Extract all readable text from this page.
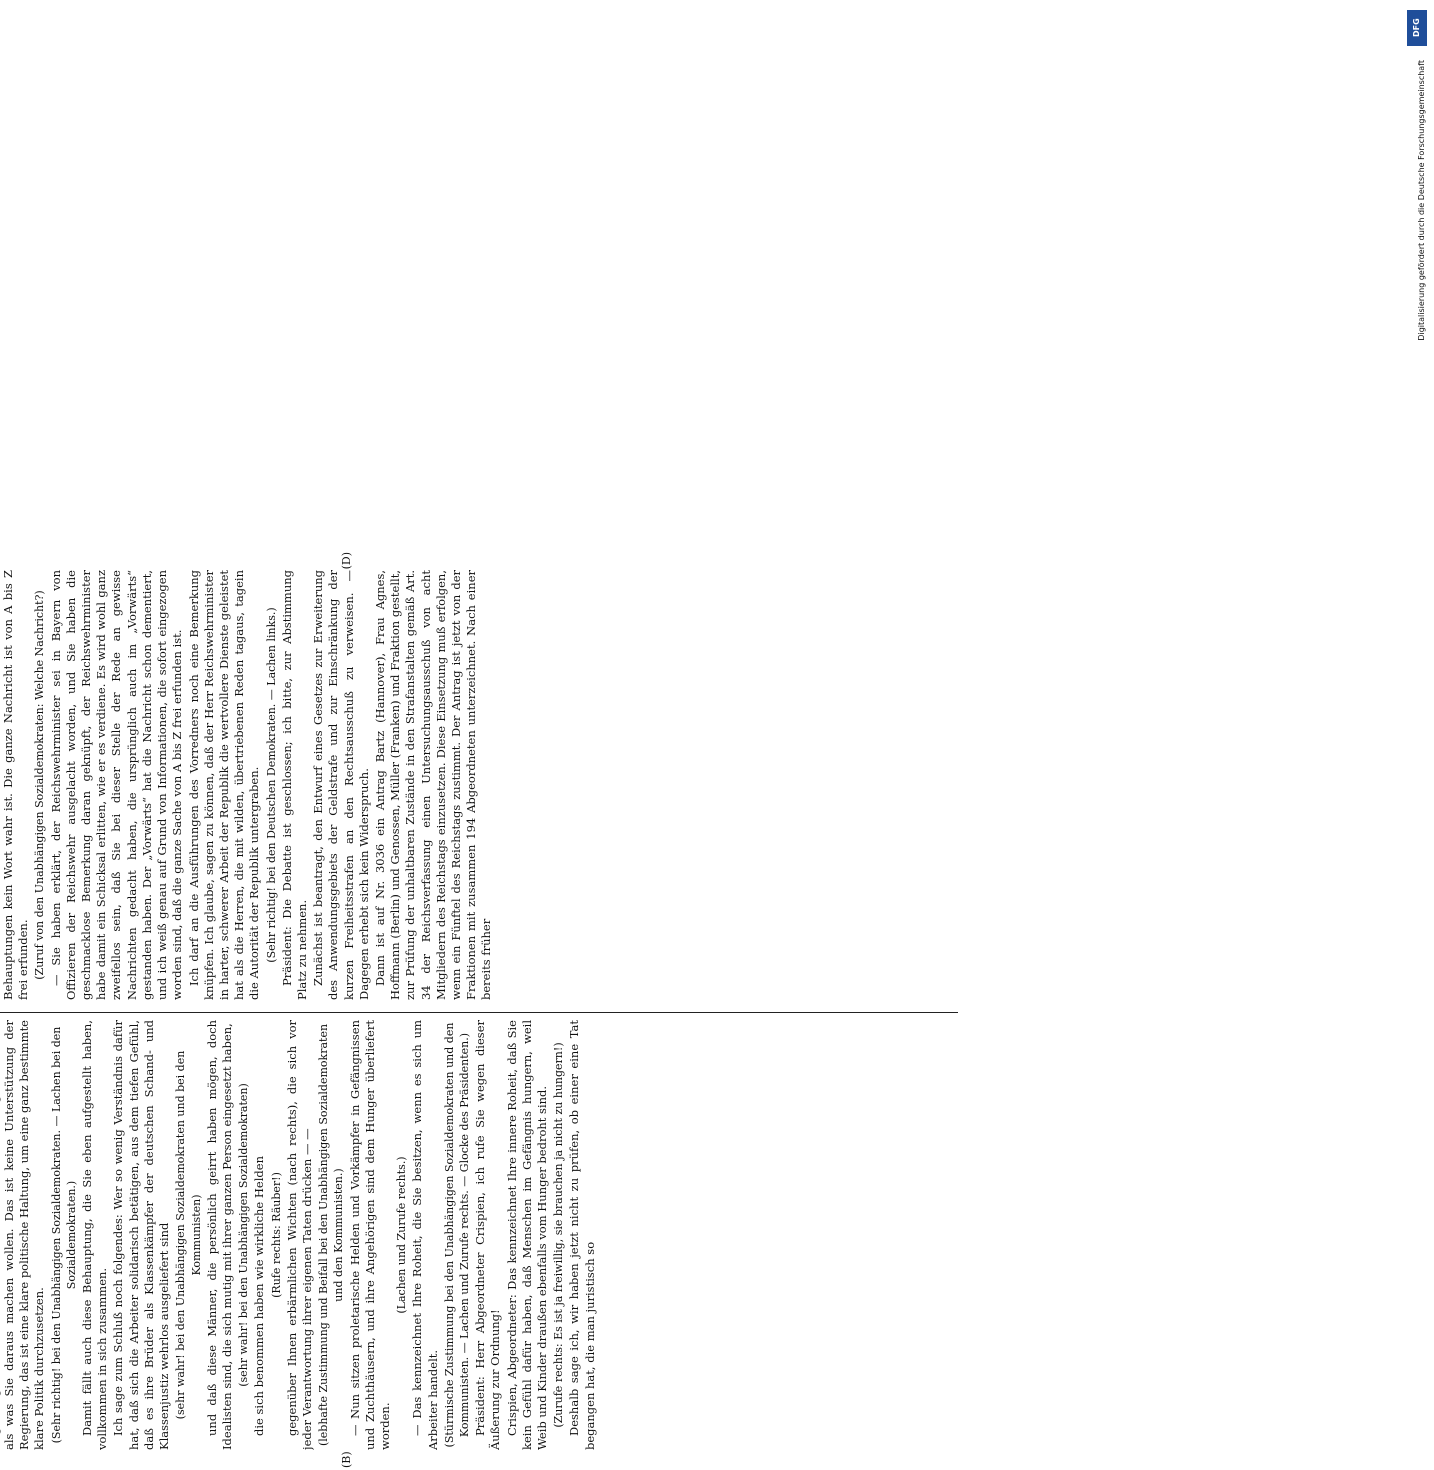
(B)
(D)

als was Sie daraus machen wollen. Das ist keine Unterstützung der Regierung, das ist eine klare politische Haltung, um eine ganz bestimmte klare Politik durchzusetzen. (Sehr richtig! bei den Unabhängigen Sozialdemokraten. — Lachen bei den Sozialdemokraten.) Damit fällt auch diese Behauptung, die Sie eben aufgestellt haben, vollkommen in sich zusammen. Ich sage zum Schluß noch folgendes: Wer so wenig Verständnis dafür hat, daß sich die Arbeiter solidarisch betätigen, aus dem tiefen Gefühl, daß es ihre Brüder als Klassenkämpfer der deutschen Schand- und Klassenjustiz wehrlos ausgeliefert sind (sehr wahr! bei den Unabhängigen Sozialdemokraten und bei den Kommunisten) und daß diese Männer, die persönlich geirrt haben mögen, doch Idealisten sind, die sich mutig mit ihrer ganzen Person eingesetzt haben, (sehr wahr! bei den Unabhängigen Sozialdemokraten) die sich benommen haben wie wirkliche Helden (Rufe rechts: Räuber!) gegenüber Ihnen erbärmlichen Wichten (nach rechts), die sich vor jeder Verantwortung ihrer eigenen Taten drücken — — (lebhafte Zustimmung und Beifall bei den Unabhängigen Sozialdemokraten und den Kommunisten.) — Nun sitzen proletarische Helden und Vorkämpfer in Gefängnissen und Zuchthäusern, und ihre Angehörigen sind dem Hunger überliefert worden.

(Lachen und Zurufe rechts.) — Das kennzeichnet Ihre Roheit, die Sie besitzen, wenn es sich um Arbeiter handelt. (Stürmische Zustimmung bei den Unabhängigen Sozialdemokraten und den Kommunisten. — Lachen und Zurufe rechts. — Glocke des Präsidenten.) Präsident: Herr Abgeordneter Crispien, ich rufe Sie wegen dieser Äußerung zur Ordnung! Crispien, Abgeordneter: Das kennzeichnet Ihre innere Roheit, daß Sie kein Gefühl dafür haben, daß Menschen im Gefängnis hungern, weil Weib und Kinder draußen ebenfalls vom Hunger bedroht sind. (Zurufe rechts: Es ist ja freiwillig, sie brauchen ja nicht zu hungern!) Deshalb sage ich, wir haben jetzt nicht zu prüfen, ob einer eine Tat begangen hat, die man juristisch so

Behauptungen kein Wort wahr ist. Die ganze Nachricht ist von A bis Z frei erfunden. (Zuruf von den Unabhängigen Sozialdemokraten: Welche Nachricht?) — Sie haben erklärt, der Reichswehrminister sei in Bayern von Offizieren der Reichswehr ausgelacht worden, und Sie haben die geschmacklose Bemerkung daran geknüpft, der Reichswehrminister habe damit ein Schicksal erlitten, wie er es verdiene. Es wird wohl ganz zweifellos sein, daß Sie bei dieser Stelle der Rede an gewisse Nachrichten gedacht haben, die ursprünglich auch im „Vorwärts“ gestanden haben. Der „Vorwärts“ hat die Nachricht schon dementiert, und ich weiß genau auf Grund von Informationen, die sofort eingezogen worden sind, daß die ganze Sache von A bis Z frei erfunden ist. Ich darf an die Ausführungen des Vorredners noch eine Bemerkung knüpfen. Ich glaube, sagen zu können, daß der Herr Reichswehrminister in harter, schwerer Arbeit der Republik die wertvollere Dienste geleistet hat als die Herren, die mit wilden, übertriebenen Reden tagaus, tagein die Autorität der Republik untergraben. (Sehr richtig! bei den Deutschen Demokraten. — Lachen links.) Präsident: Die Debatte ist geschlossen; ich bitte, zur Abstimmung Platz zu nehmen. Zunächst ist beantragt, den Entwurf eines Gesetzes zur Erweiterung des Anwendungsgebiets der Geldstrafe und zur Einschränkung der kurzen Freiheitsstrafen an den Rechtsausschuß zu verweisen. — Dagegen erhebt sich kein Widerspruch. Dann ist auf Nr. 3036 ein Antrag Bartz (Hannover), Frau Agnes, Hoffmann (Berlin) und Genossen, Müller (Franken) und Fraktion gestellt, zur Prüfung der unhaltbaren Zustände in den Strafanstalten gemäß Art. 34 der Reichsverfassung einen Untersuchungsausschuß von acht Mitgliedern des Reichstags einzusetzen. Diese Einsetzung muß erfolgen, wenn ein Fünftel des Reichstags zustimmt. Der Antrag ist jetzt von der Fraktionen mit zusammen 194 Abgeordneten unterzeichnet. Nach einer bereits früher

DFG
Digitalisierung gefördert durch die Deutsche Forschungsgemeinschaft
